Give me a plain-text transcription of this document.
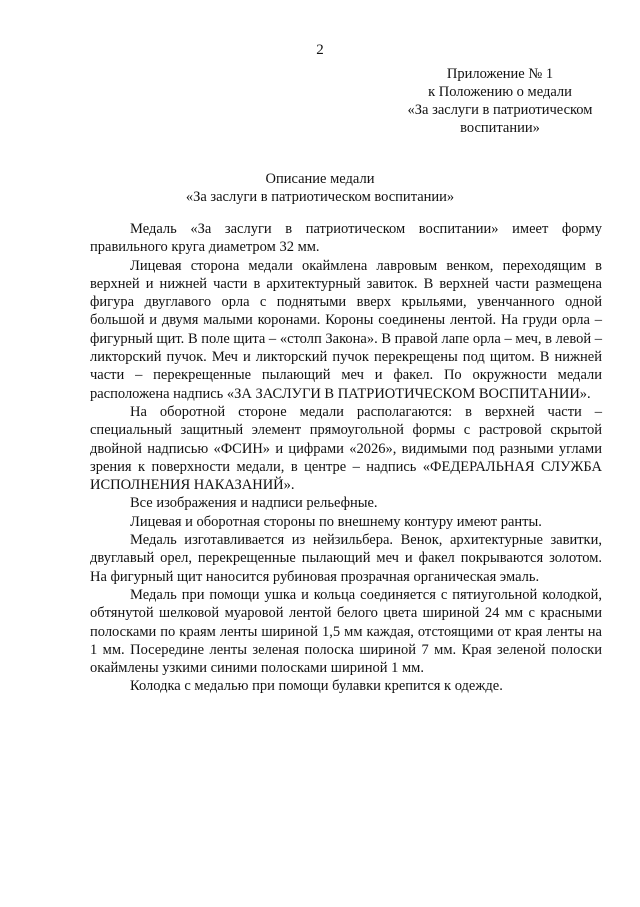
2
Приложение № 1
к Положению о медали
«За заслуги в патриотическом
воспитании»
Описание медали
«За заслуги в патриотическом воспитании»

Медаль «За заслуги в патриотическом воспитании» имеет форму правильного круга диаметром 32 мм.

Лицевая сторона медали окаймлена лавровым венком, переходящим в верхней и нижней части в архитектурный завиток. В верхней части размещена фигура двуглавого орла с поднятыми вверх крыльями, увенчанного одной большой и двумя малыми коронами. Короны соединены лентой. На груди орла – фигурный щит. В поле щита – «столп Закона». В правой лапе орла – меч, в левой – ликторский пучок. Меч и ликторский пучок перекрещены под щитом. В нижней части – перекрещенные пылающий меч и факел. По окружности медали расположена надпись «ЗА ЗАСЛУГИ В ПАТРИОТИЧЕСКОМ ВОСПИТАНИИ».

На оборотной стороне медали располагаются: в верхней части – специальный защитный элемент прямоугольной формы с растровой скрытой двойной надписью «ФСИН» и цифрами «2026», видимыми под разными углами зрения к поверхности медали, в центре – надпись «ФЕДЕРАЛЬНАЯ СЛУЖБА ИСПОЛНЕНИЯ НАКАЗАНИЙ».

Все изображения и надписи рельефные.

Лицевая и оборотная стороны по внешнему контуру имеют ранты.

Медаль изготавливается из нейзильбера. Венок, архитектурные завитки, двуглавый орел, перекрещенные пылающий меч и факел покрываются золотом. На фигурный щит наносится рубиновая прозрачная органическая эмаль.

Медаль при помощи ушка и кольца соединяется с пятиугольной колодкой, обтянутой шелковой муаровой лентой белого цвета шириной 24 мм с красными полосками по краям ленты шириной 1,5 мм каждая, отстоящими от края ленты на 1 мм. Посередине ленты зеленая полоска шириной 7 мм. Края зеленой полоски окаймлены узкими синими полосками шириной 1 мм.

Колодка с медалью при помощи булавки крепится к одежде.
